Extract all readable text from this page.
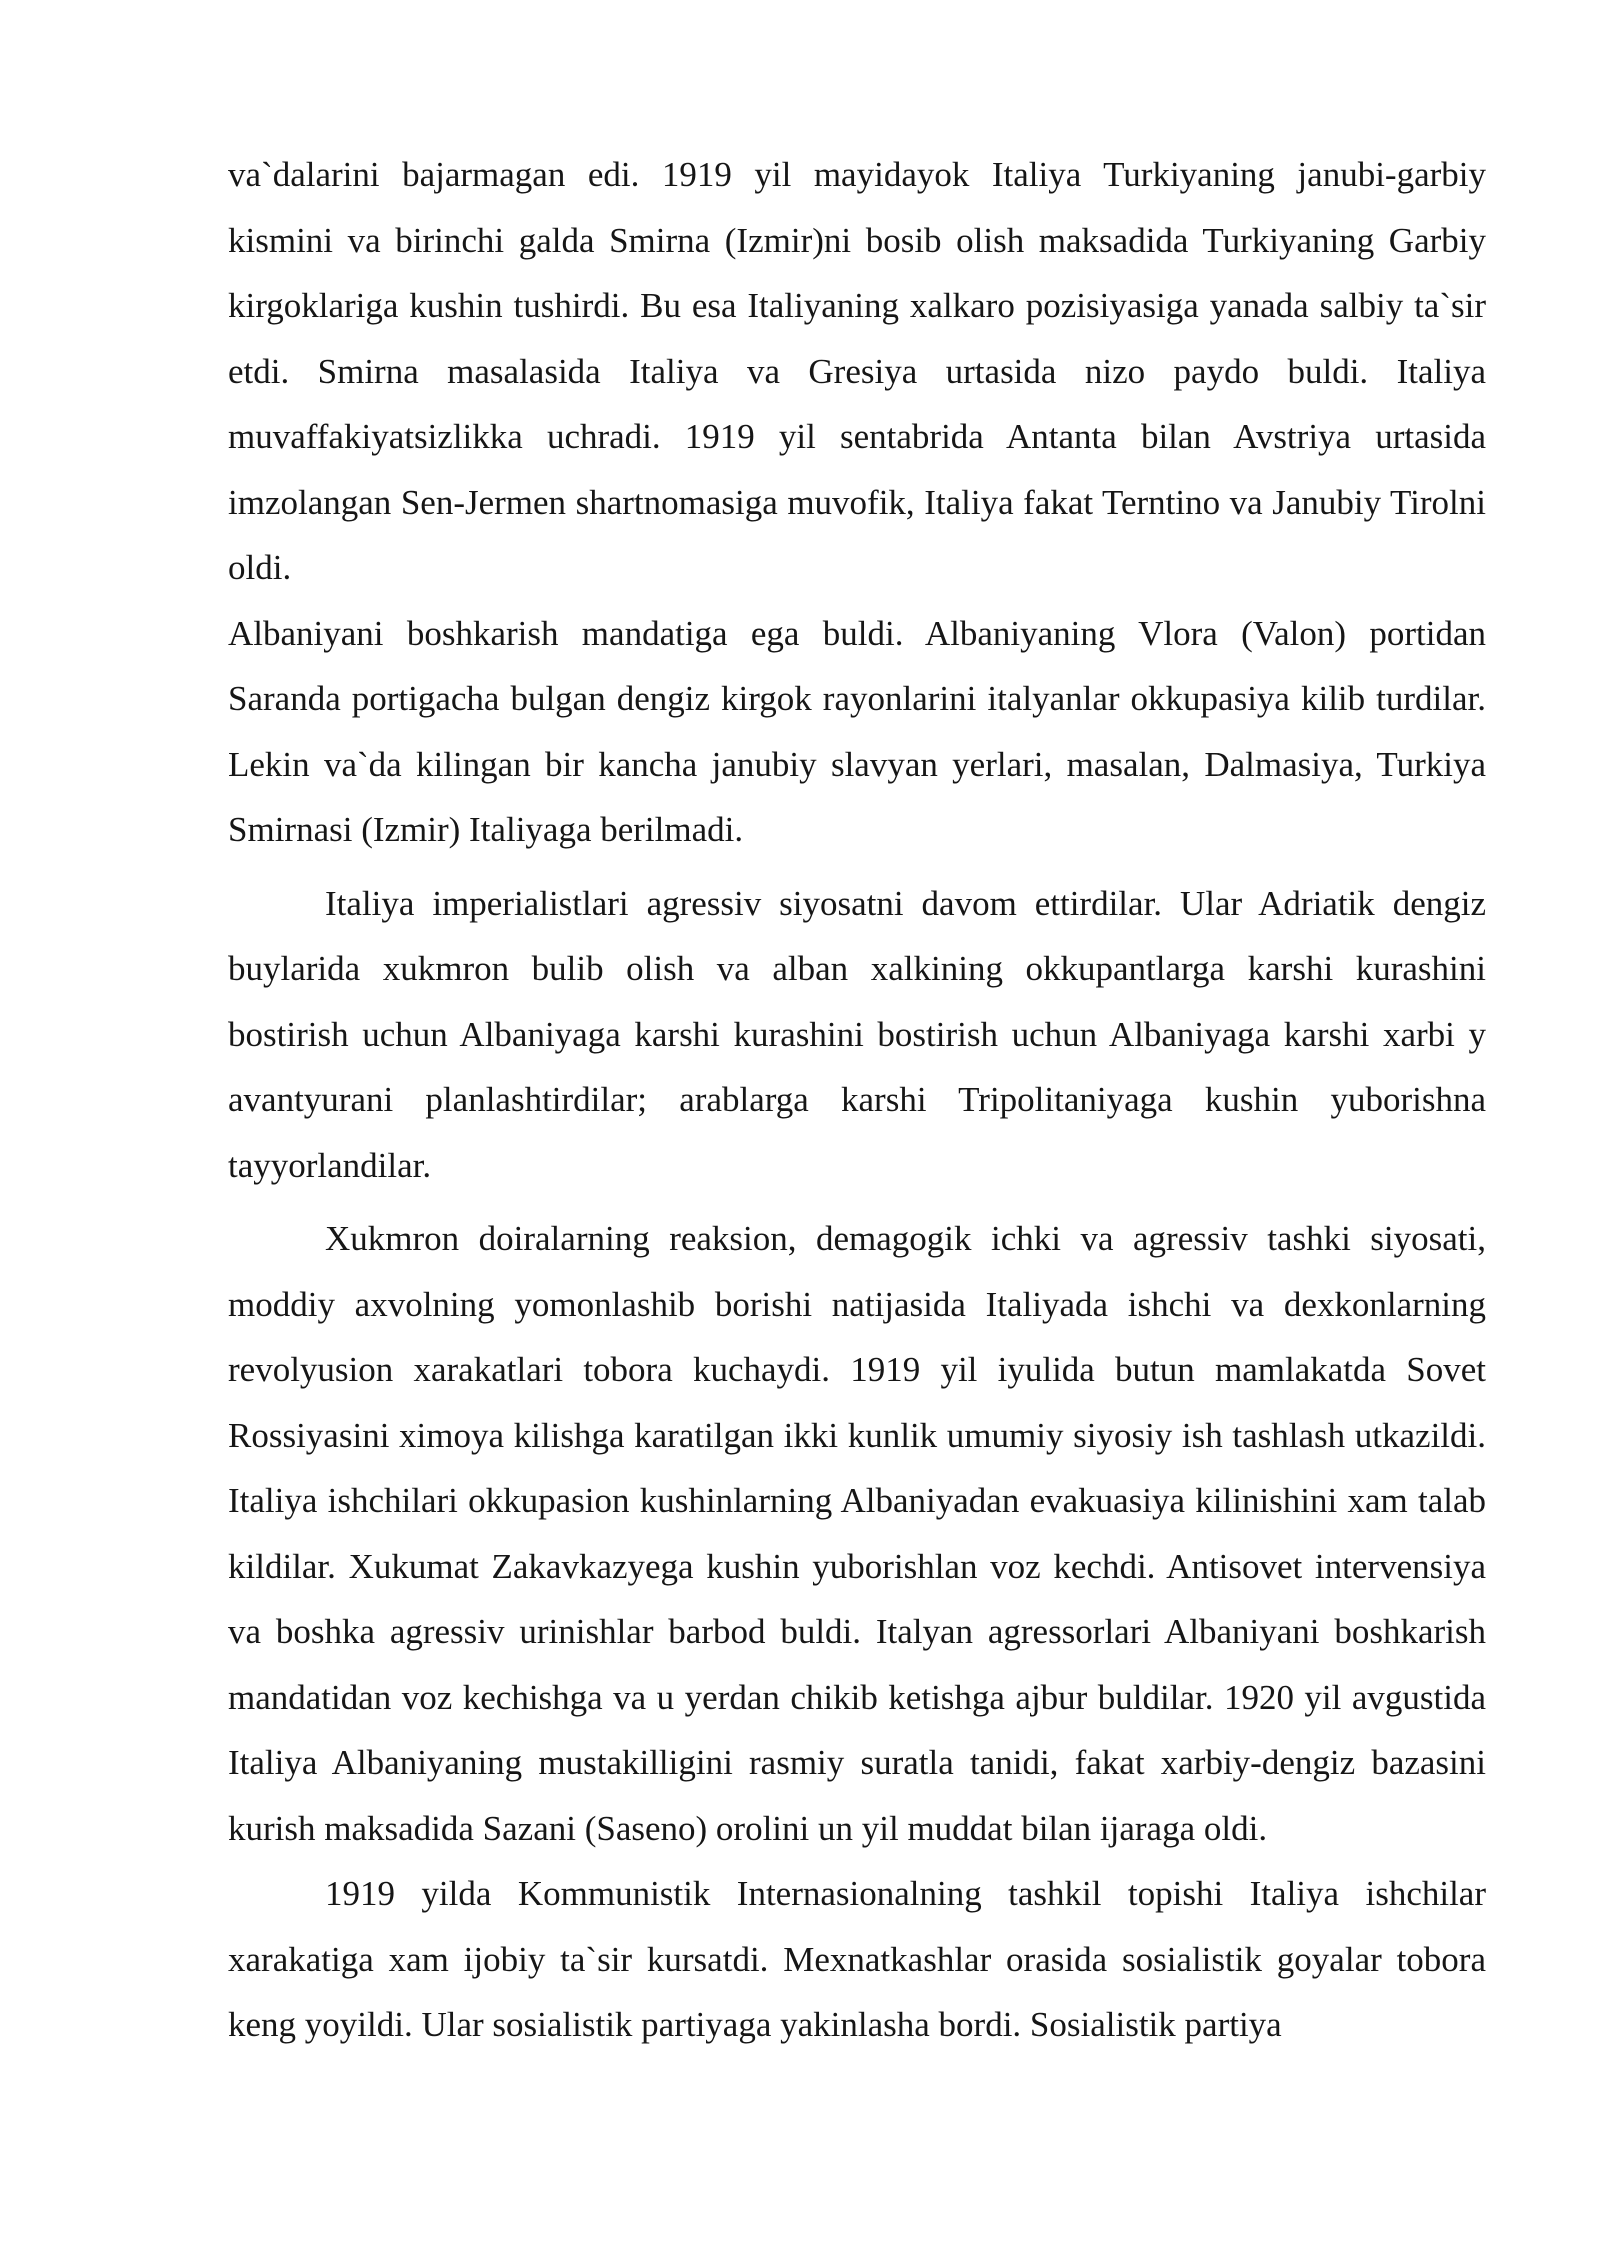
va`dalarini bajarmagan edi. 1919 yil mayidayok Italiya Turkiyaning janubi-garbiy kismini va birinchi galda Smirna (Izmir)ni bosib olish maksadida Turkiyaning Garbiy kirgoklariga kushin tushirdi. Bu esa Italiyaning xalkaro pozisiyasiga yanada salbiy ta`sir etdi. Smirna masalasida Italiya va Gresiya urtasida nizo paydo buldi. Italiya muvaffakiyatsizlikka uchradi. 1919 yil sentabrida Antanta bilan Avstriya urtasida imzolangan Sen-Jermen shartnomasiga muvofik, Italiya fakat Terntino va Janubiy Tirolni oldi.

Albaniyani boshkarish mandatiga ega buldi. Albaniyaning Vlora (Valon) portidan Saranda portigacha bulgan dengiz kirgok rayonlarini italyanlar okkupasiya kilib turdilar. Lekin va`da kilingan bir kancha janubiy slavyan yerlari, masalan, Dalmasiya, Turkiya Smirnasi (Izmir) Italiyaga berilmadi.

Italiya imperialistlari agressiv siyosatni davom ettirdilar. Ular Adriatik dengiz buylarida xukmron bulib olish va alban xalkining okkupantlarga karshi kurashini bostirish uchun Albaniyaga karshi kurashini bostirish uchun Albaniyaga karshi xarbi y avantyurani planlashtirdilar; arablarga karshi Tripolitaniyaga kushin yuborishna tayyorlandilar.

Xukmron doiralarning reaksion, demagogik ichki va agressiv tashki siyosati, moddiy axvolning yomonlashib borishi natijasida Italiyada ishchi va dexkonlarning revolyusion xarakatlari tobora kuchaydi. 1919 yil iyulida butun mamlakatda Sovet Rossiyasini ximoya kilishga karatilgan ikki kunlik umumiy siyosiy ish tashlash utkazildi. Italiya ishchilari okkupasion kushinlarning Albaniyadan evakuasiya kilinishini xam talab kildilar. Xukumat Zakavkazyega kushin yuborishlan voz kechdi. Antisovet intervensiya va boshka agressiv urinishlar barbod buldi. Italyan agressorlari Albaniyani boshkarish mandatidan voz kechishga va u yerdan chikib ketishga ajbur buldilar. 1920 yil avgustida Italiya Albaniyaning mustakilligini rasmiy suratla tanidi, fakat xarbiy-dengiz bazasini kurish maksadida Sazani (Saseno) orolini un yil muddat bilan ijaraga oldi.

1919 yilda Kommunistik Internasionalning tashkil topishi Italiya ishchilar xarakatiga xam ijobiy ta`sir kursatdi. Mexnatkashlar orasida sosialistik goyalar tobora keng yoyildi. Ular sosialistik partiyaga yakinlasha bordi. Sosialistik partiya
